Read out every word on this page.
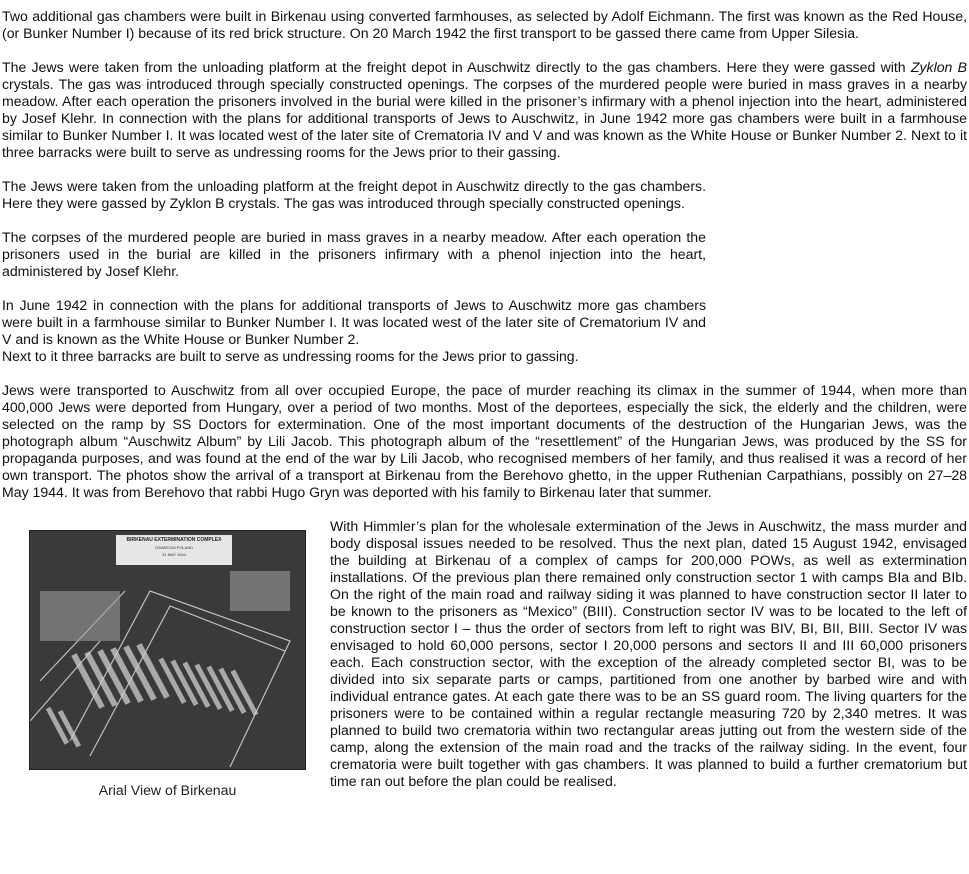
Two additional gas chambers were built in Birkenau using converted farmhouses, as selected by Adolf Eichmann. The first was known as the Red House, (or Bunker Number I) because of its red brick structure. On 20 March 1942 the first transport to be gassed there came from Upper Silesia.

The Jews were taken from the unloading platform at the freight depot in Auschwitz directly to the gas chambers. Here they were gassed with Zyklon B crystals. The gas was introduced through specially constructed openings. The corpses of the murdered people were buried in mass graves in a nearby meadow. After each operation the prisoners involved in the burial were killed in the prisoner’s infirmary with a phenol injection into the heart, administered by Josef Klehr. In connection with the plans for additional transports of Jews to Auschwitz, in June 1942 more gas chambers were built in a farmhouse similar to Bunker Number I. It was located west of the later site of Crematoria IV and V and was known as the White House or Bunker Number 2. Next to it three barracks were built to serve as undressing rooms for the Jews prior to their gassing.

The Jews were taken from the unloading platform at the freight depot in Auschwitz directly to the gas chambers. Here they were gassed by Zyklon B crystals. The gas was introduced through specially constructed openings.

The corpses of the murdered people are buried in mass graves in a nearby meadow. After each operation the prisoners used in the burial are killed in the prisoners infirmary with a phenol injection into the heart, administered by Josef Klehr.

In June 1942 in connection with the plans for additional transports of Jews to Auschwitz more gas chambers were built in a farmhouse similar to Bunker Number I. It was located west of the later site of Crematorium IV and V and is known as the White House or Bunker Number 2.

Next to it three barracks are built to serve as undressing rooms for the Jews prior to gassing.

Jews were transported to Auschwitz from all over occupied Europe, the pace of murder reaching its climax in the summer of 1944, when more than 400,000 Jews were deported from Hungary, over a period of two months. Most of the deportees, especially the sick, the elderly and the children, were selected on the ramp by SS Doctors for extermination. One of the most important documents of the destruction of the Hungarian Jews, was the photograph album “Auschwitz Album” by Lili Jacob. This photograph album of the “resettlement” of the Hungarian Jews, was produced by the SS for propaganda purposes, and was found at the end of the war by Lili Jacob, who recognised members of her family, and thus realised it was a record of her own transport. The photos show the arrival of a transport at Birkenau from the Berehovo ghetto, in the upper Ruthenian Carpathians, possibly on 27–28 May 1944. It was from Berehovo that rabbi Hugo Gryn was deported with his family to Birkenau later that summer.

BIRKENAU EXTERMINATION COMPLEX
OSWIECIM POLAND
31 MAY 1944
Arial View of Birkenau

With Himmler’s plan for the wholesale extermination of the Jews in Auschwitz, the mass murder and body disposal issues needed to be resolved. Thus the next plan, dated 15 August 1942, envisaged the building at Birkenau of a complex of camps for 200,000 POWs, as well as extermination installations. Of the previous plan there remained only construction sector 1 with camps BIa and BIb. On the right of the main road and railway siding it was planned to have construction sector II later to be known to the prisoners as “Mexico” (BIII). Construction sector IV was to be located to the left of construction sector I – thus the order of sectors from left to right was BIV, BI, BII, BIII. Sector IV was envisaged to hold 60,000 persons, sector I 20,000 persons and sectors II and III 60,000 prisoners each. Each construction sector, with the exception of the already completed sector BI, was to be divided into six separate parts or camps, partitioned from one another by barbed wire and with individual entrance gates. At each gate there was to be an SS guard room. The living quarters for the prisoners were to be contained within a regular rectangle measuring 720 by 2,340 metres. It was planned to build two crematoria within two rectangular areas jutting out from the western side of the camp, along the extension of the main road and the tracks of the railway siding. In the event, four crematoria were built together with gas chambers. It was planned to build a further crematorium but time ran out before the plan could be realised.
